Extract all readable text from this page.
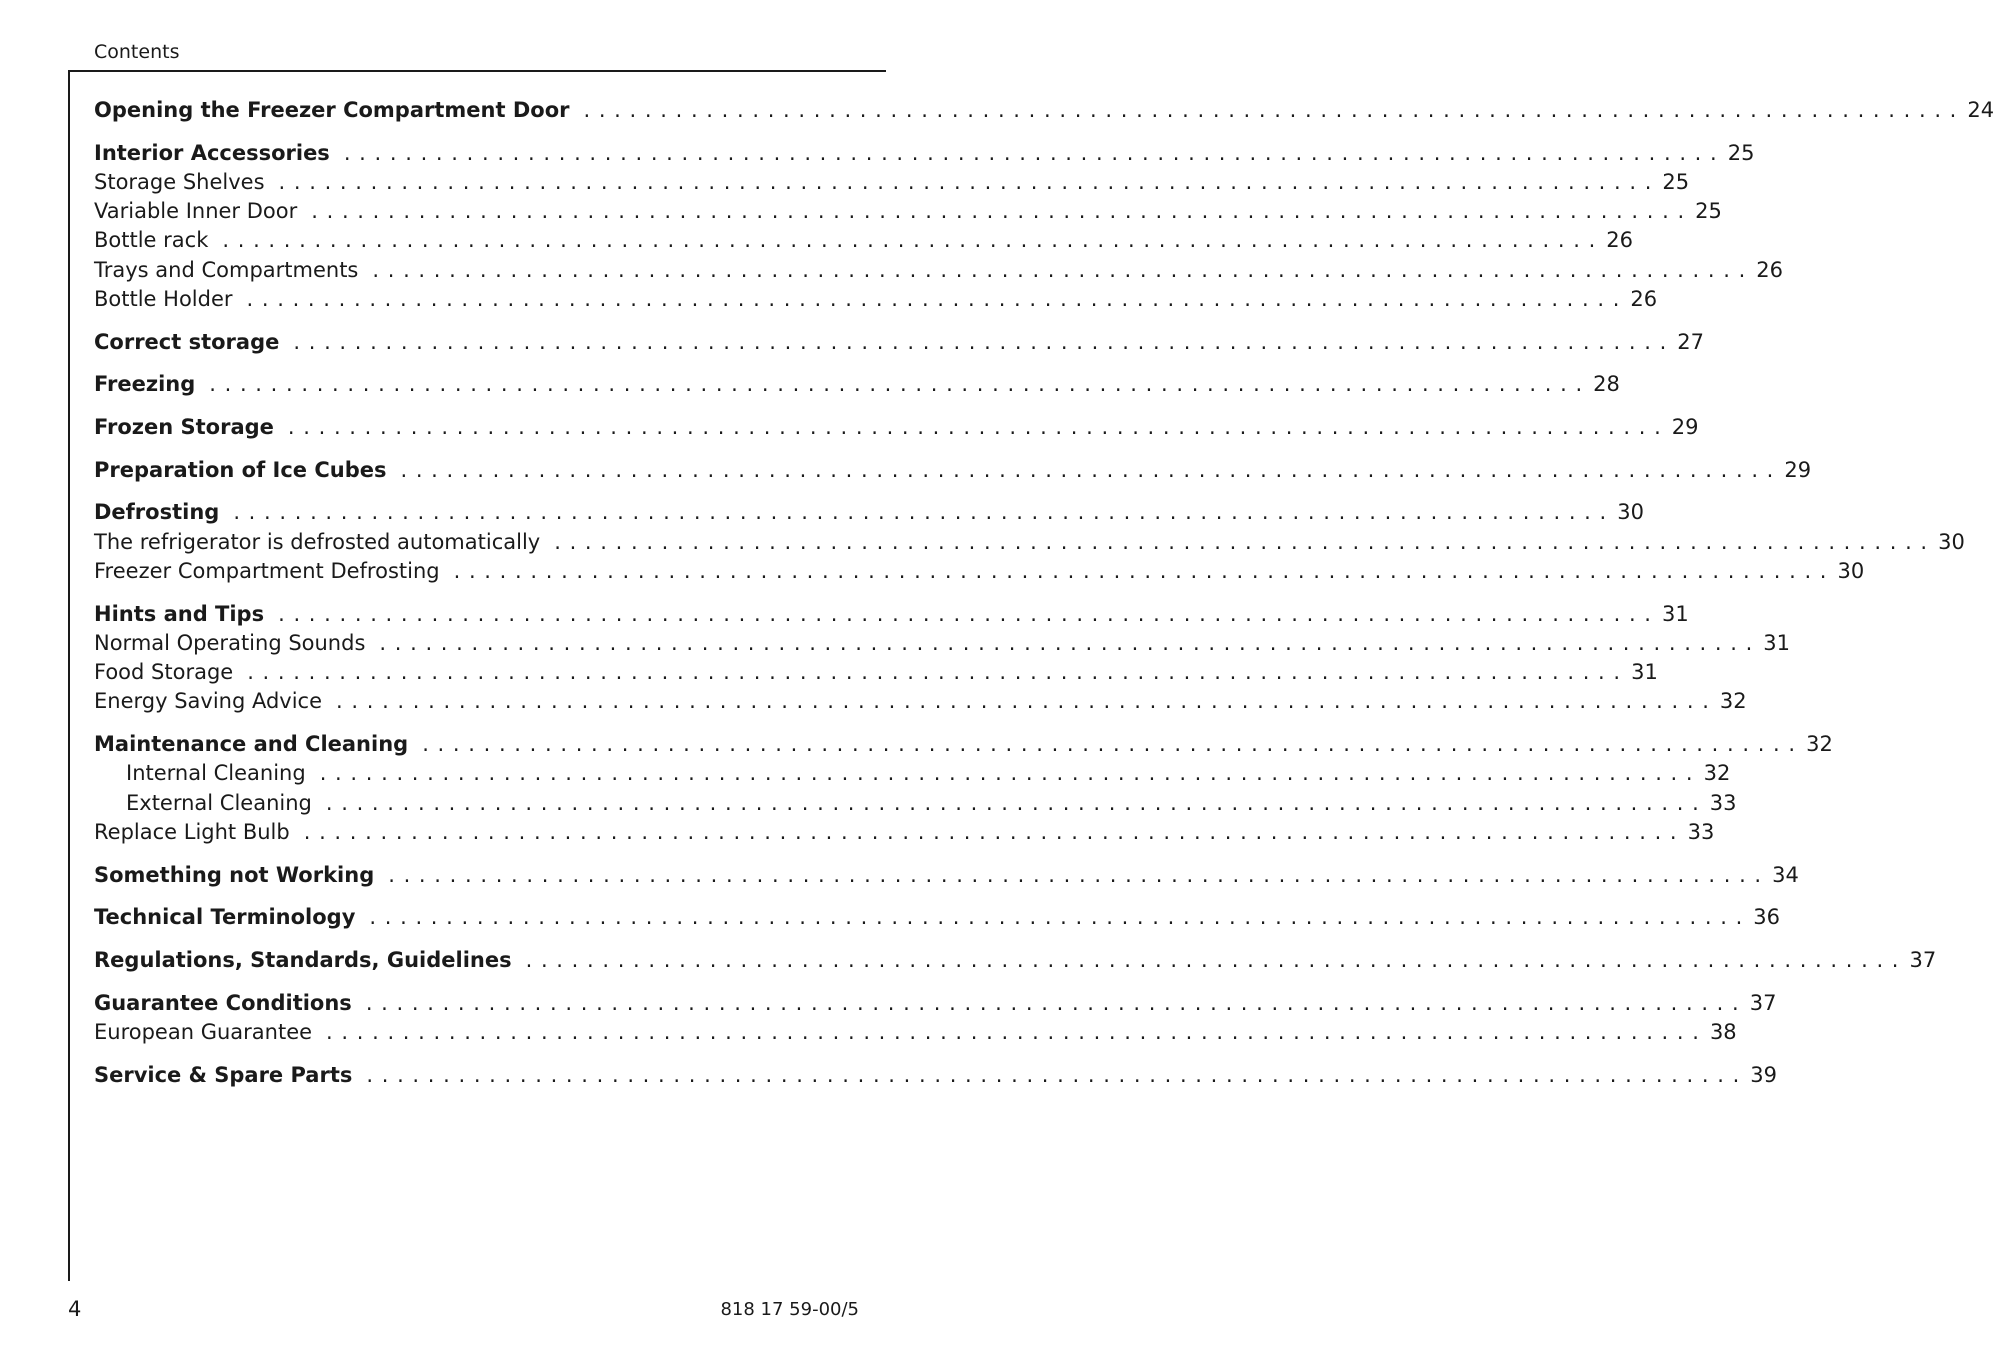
Contents
Opening the Freezer Compartment Door . . . . . . . . . . . . . . . . . . . . . . . . . . . . . . . . . . . . . . . . . . . . . . . . . . . . . . . . . . . . . . . . . . . . . . . . . . . . . . . . . . . . . . . . . . 24
Interior Accessories . . . . . . . . . . . . . . . . . . . . . . . . . . . . . . . . . . . . . . . . . . . . . . . . . . . . . . . . . . . . . . . . . . . . . . . . . . . . . . . . . . . . . . . . . . 25
Storage Shelves . . . . . . . . . . . . . . . . . . . . . . . . . . . . . . . . . . . . . . . . . . . . . . . . . . . . . . . . . . . . . . . . . . . . . . . . . . . . . . . . . . . . . . . . . . 25
Variable Inner Door . . . . . . . . . . . . . . . . . . . . . . . . . . . . . . . . . . . . . . . . . . . . . . . . . . . . . . . . . . . . . . . . . . . . . . . . . . . . . . . . . . . . . . . . . . 25
Bottle rack . . . . . . . . . . . . . . . . . . . . . . . . . . . . . . . . . . . . . . . . . . . . . . . . . . . . . . . . . . . . . . . . . . . . . . . . . . . . . . . . . . . . . . . . . . 26
Trays and Compartments . . . . . . . . . . . . . . . . . . . . . . . . . . . . . . . . . . . . . . . . . . . . . . . . . . . . . . . . . . . . . . . . . . . . . . . . . . . . . . . . . . . . . . . . . . 26
Bottle Holder . . . . . . . . . . . . . . . . . . . . . . . . . . . . . . . . . . . . . . . . . . . . . . . . . . . . . . . . . . . . . . . . . . . . . . . . . . . . . . . . . . . . . . . . . . 26
Correct storage . . . . . . . . . . . . . . . . . . . . . . . . . . . . . . . . . . . . . . . . . . . . . . . . . . . . . . . . . . . . . . . . . . . . . . . . . . . . . . . . . . . . . . . . . . 27
Freezing . . . . . . . . . . . . . . . . . . . . . . . . . . . . . . . . . . . . . . . . . . . . . . . . . . . . . . . . . . . . . . . . . . . . . . . . . . . . . . . . . . . . . . . . . . 28
Frozen Storage . . . . . . . . . . . . . . . . . . . . . . . . . . . . . . . . . . . . . . . . . . . . . . . . . . . . . . . . . . . . . . . . . . . . . . . . . . . . . . . . . . . . . . . . . . 29
Preparation of Ice Cubes . . . . . . . . . . . . . . . . . . . . . . . . . . . . . . . . . . . . . . . . . . . . . . . . . . . . . . . . . . . . . . . . . . . . . . . . . . . . . . . . . . . . . . . . . . 29
Defrosting . . . . . . . . . . . . . . . . . . . . . . . . . . . . . . . . . . . . . . . . . . . . . . . . . . . . . . . . . . . . . . . . . . . . . . . . . . . . . . . . . . . . . . . . . . 30
The refrigerator is defrosted automatically . . . . . . . . . . . . . . . . . . . . . . . . . . . . . . . . . . . . . . . . . . . . . . . . . . . . . . . . . . . . . . . . . . . . . . . . . . . . . . . . . . . . . . . . . . 30
Freezer Compartment Defrosting . . . . . . . . . . . . . . . . . . . . . . . . . . . . . . . . . . . . . . . . . . . . . . . . . . . . . . . . . . . . . . . . . . . . . . . . . . . . . . . . . . . . . . . . . . 30
Hints and Tips . . . . . . . . . . . . . . . . . . . . . . . . . . . . . . . . . . . . . . . . . . . . . . . . . . . . . . . . . . . . . . . . . . . . . . . . . . . . . . . . . . . . . . . . . . 31
Normal Operating Sounds . . . . . . . . . . . . . . . . . . . . . . . . . . . . . . . . . . . . . . . . . . . . . . . . . . . . . . . . . . . . . . . . . . . . . . . . . . . . . . . . . . . . . . . . . . 31
Food Storage . . . . . . . . . . . . . . . . . . . . . . . . . . . . . . . . . . . . . . . . . . . . . . . . . . . . . . . . . . . . . . . . . . . . . . . . . . . . . . . . . . . . . . . . . . 31
Energy Saving Advice . . . . . . . . . . . . . . . . . . . . . . . . . . . . . . . . . . . . . . . . . . . . . . . . . . . . . . . . . . . . . . . . . . . . . . . . . . . . . . . . . . . . . . . . . . 32
Maintenance and Cleaning . . . . . . . . . . . . . . . . . . . . . . . . . . . . . . . . . . . . . . . . . . . . . . . . . . . . . . . . . . . . . . . . . . . . . . . . . . . . . . . . . . . . . . . . . . 32
Internal Cleaning . . . . . . . . . . . . . . . . . . . . . . . . . . . . . . . . . . . . . . . . . . . . . . . . . . . . . . . . . . . . . . . . . . . . . . . . . . . . . . . . . . . . . . . . . . 32
External Cleaning . . . . . . . . . . . . . . . . . . . . . . . . . . . . . . . . . . . . . . . . . . . . . . . . . . . . . . . . . . . . . . . . . . . . . . . . . . . . . . . . . . . . . . . . . . 33
Replace Light Bulb . . . . . . . . . . . . . . . . . . . . . . . . . . . . . . . . . . . . . . . . . . . . . . . . . . . . . . . . . . . . . . . . . . . . . . . . . . . . . . . . . . . . . . . . . . 33
Something not Working . . . . . . . . . . . . . . . . . . . . . . . . . . . . . . . . . . . . . . . . . . . . . . . . . . . . . . . . . . . . . . . . . . . . . . . . . . . . . . . . . . . . . . . . . . 34
Technical Terminology . . . . . . . . . . . . . . . . . . . . . . . . . . . . . . . . . . . . . . . . . . . . . . . . . . . . . . . . . . . . . . . . . . . . . . . . . . . . . . . . . . . . . . . . . . 36
Regulations, Standards, Guidelines . . . . . . . . . . . . . . . . . . . . . . . . . . . . . . . . . . . . . . . . . . . . . . . . . . . . . . . . . . . . . . . . . . . . . . . . . . . . . . . . . . . . . . . . . . 37
Guarantee Conditions . . . . . . . . . . . . . . . . . . . . . . . . . . . . . . . . . . . . . . . . . . . . . . . . . . . . . . . . . . . . . . . . . . . . . . . . . . . . . . . . . . . . . . . . . . 37
European Guarantee . . . . . . . . . . . . . . . . . . . . . . . . . . . . . . . . . . . . . . . . . . . . . . . . . . . . . . . . . . . . . . . . . . . . . . . . . . . . . . . . . . . . . . . . . . 38
Service & Spare Parts . . . . . . . . . . . . . . . . . . . . . . . . . . . . . . . . . . . . . . . . . . . . . . . . . . . . . . . . . . . . . . . . . . . . . . . . . . . . . . . . . . . . . . . . . . 39
4	818 17 59-00/5
